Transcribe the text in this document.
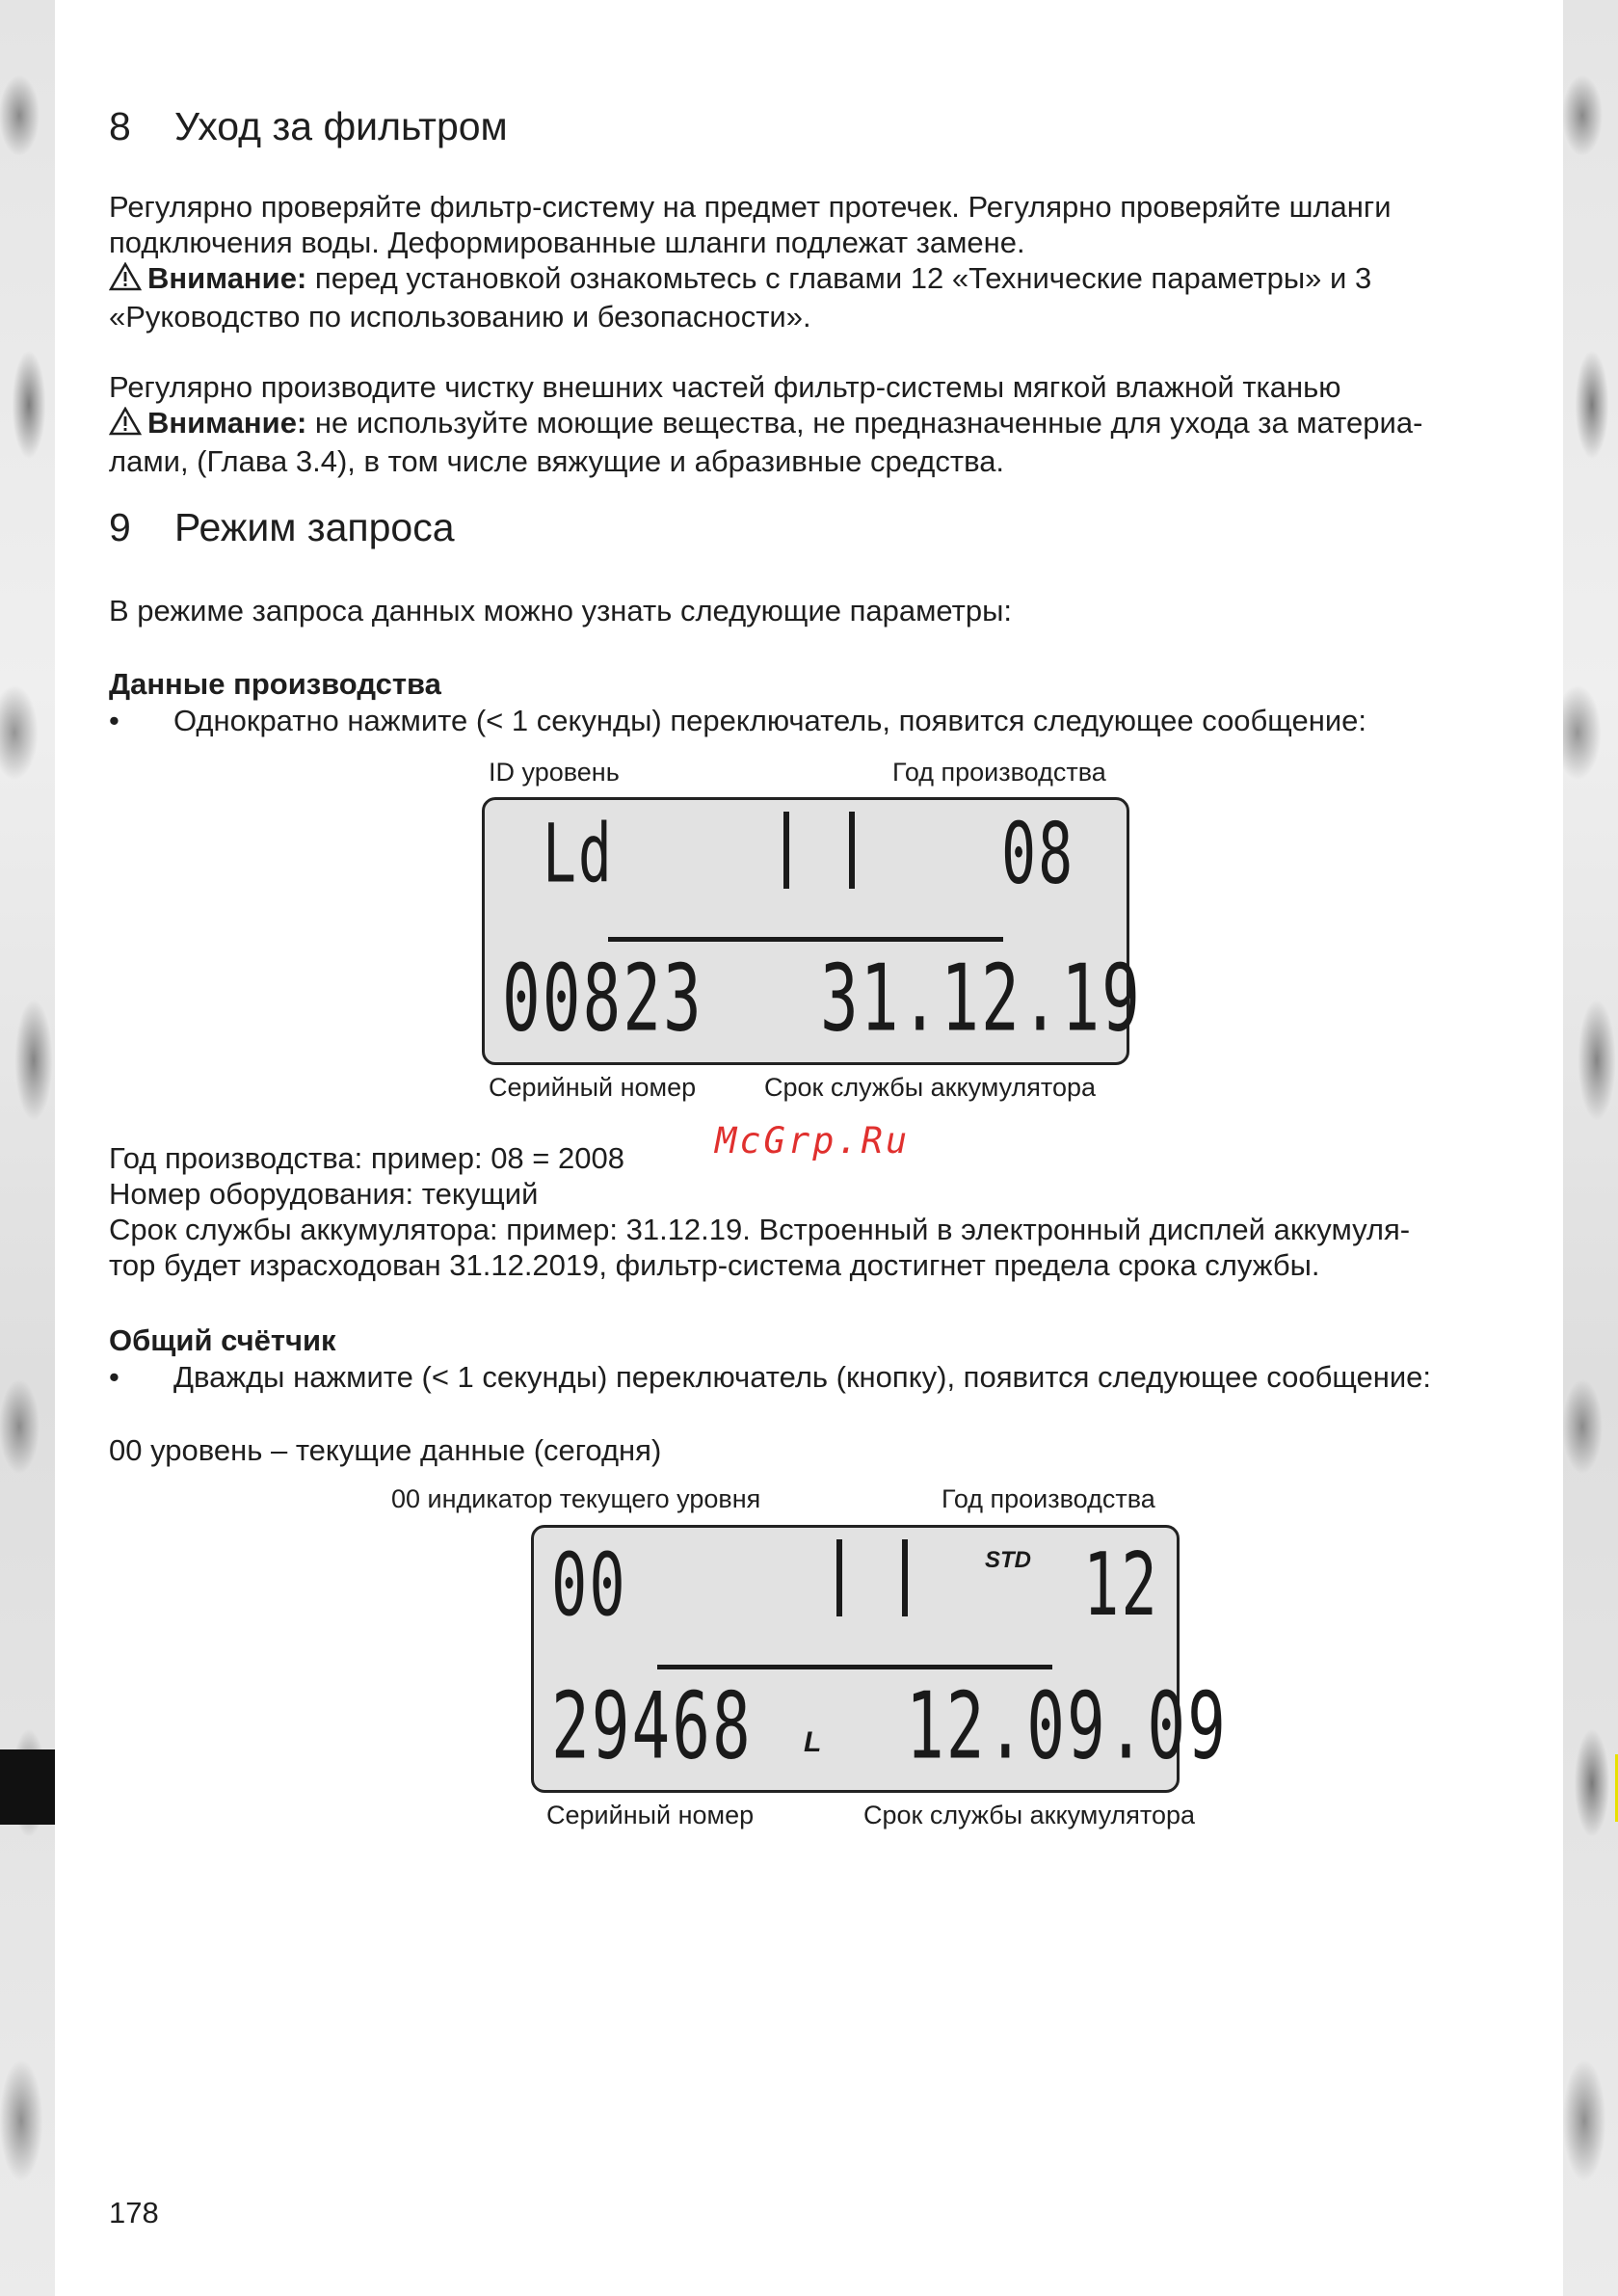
8 Уход за фильтром

Регулярно проверяйте фильтр-систему на предмет протечек. Регулярно проверяйте шланги
подключения воды. Деформированные шланги подлежат замене.
Внимание: перед установкой ознакомьтесь с главами 12 «Технические параметры» и 3
«Руководство по использованию и безопасности».

Регулярно производите чистку внешних частей фильтр-системы мягкой влажной тканью
Внимание: не используйте моющие вещества, не предназначенные для ухода за материа-
лами, (Глава 3.4), в том числе вяжущие и абразивные средства.

9 Режим запроса

В режиме запроса данных можно узнать следующие параметры:

Данные производства

• Однократно нажмите (< 1 секунды) переключатель, появится следующее сообщение:
ID уровень	Год производства
Ld	08
00823 31.12.19
Серийный номер	Срок службы аккумулятора

Год производства: пример: 08 = 2008
Номер оборудования: текущий
Срок службы аккумулятора: пример: 31.12.19. Встроенный в электронный дисплей аккумуля-
тор будет израсходован 31.12.2019, фильтр-система достигнет предела срока службы.

McGrp.Ru

Общий счётчик

• Дважды нажмите (< 1 секунды) переключатель (кнопку), появится следующее сообщение:

00 уровень – текущие данные (сегодня)

00 индикатор текущего уровня	Год производства
00	STD 12
29468 L 12.09.09
Серийный номер	Срок службы аккумулятора
178
